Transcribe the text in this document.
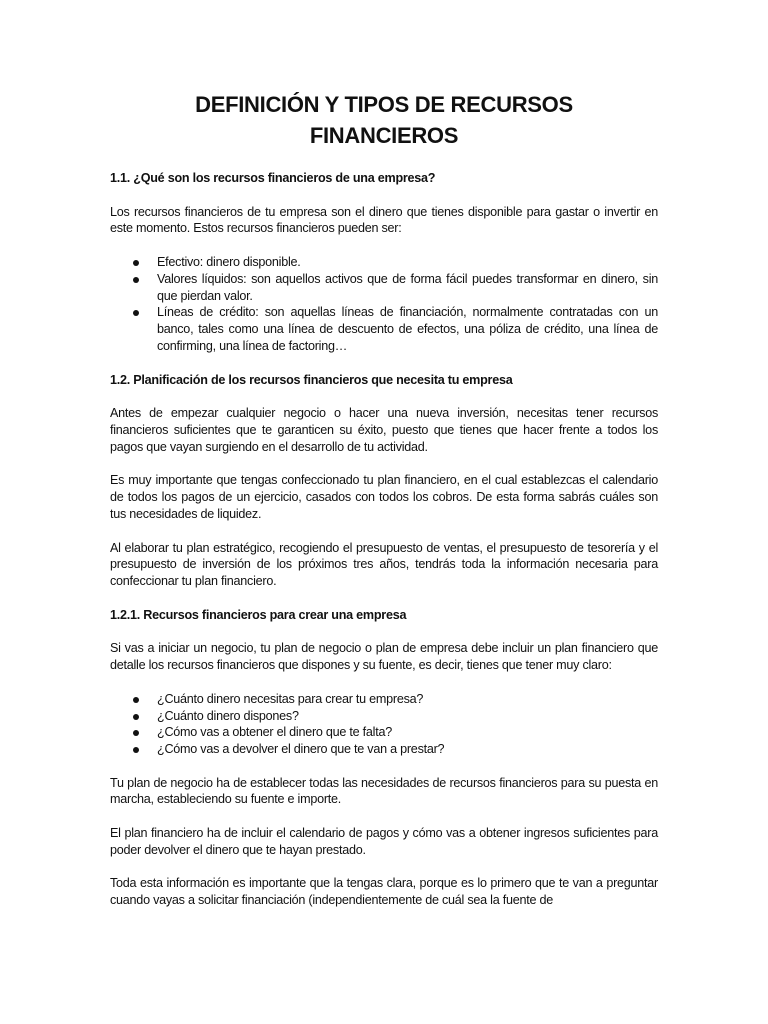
DEFINICIÓN Y TIPOS DE RECURSOS
FINANCIEROS
1.1. ¿Qué son los recursos financieros de una empresa?

Los recursos financieros de tu empresa son el dinero que tienes disponible para gastar o invertir en este momento. Estos recursos financieros pueden ser:

Efectivo: dinero disponible.
Valores líquidos: son aquellos activos que de forma fácil puedes transformar en dinero, sin que pierdan valor.
Líneas de crédito: son aquellas líneas de financiación, normalmente contratadas con un banco, tales como una línea de descuento de efectos, una póliza de crédito, una línea de confirming, una línea de factoring…
1.2. Planificación de los recursos financieros que necesita tu empresa

Antes de empezar cualquier negocio o hacer una nueva inversión, necesitas tener recursos financieros suficientes que te garanticen su éxito, puesto que tienes que hacer frente a todos los pagos que vayan surgiendo en el desarrollo de tu actividad.

Es muy importante que tengas confeccionado tu plan financiero, en el cual establezcas el calendario de todos los pagos de un ejercicio, casados con todos los cobros. De esta forma sabrás cuáles son tus necesidades de liquidez.

Al elaborar tu plan estratégico, recogiendo el presupuesto de ventas, el presupuesto de tesorería y el presupuesto de inversión de los próximos tres años, tendrás toda la información necesaria para confeccionar tu plan financiero.

1.2.1. Recursos financieros para crear una empresa

Si vas a iniciar un negocio, tu plan de negocio o plan de empresa debe incluir un plan financiero que detalle los recursos financieros que dispones y su fuente, es decir, tienes que tener muy claro:

¿Cuánto dinero necesitas para crear tu empresa?
¿Cuánto dinero dispones?
¿Cómo vas a obtener el dinero que te falta?
¿Cómo vas a devolver el dinero que te van a prestar?

Tu plan de negocio ha de establecer todas las necesidades de recursos financieros para su puesta en marcha, estableciendo su fuente e importe.

El plan financiero ha de incluir el calendario de pagos y cómo vas a obtener ingresos suficientes para poder devolver el dinero que te hayan prestado.

Toda esta información es importante que la tengas clara, porque es lo primero que te van a preguntar cuando vayas a solicitar financiación (independientemente de cuál sea la fuente de
